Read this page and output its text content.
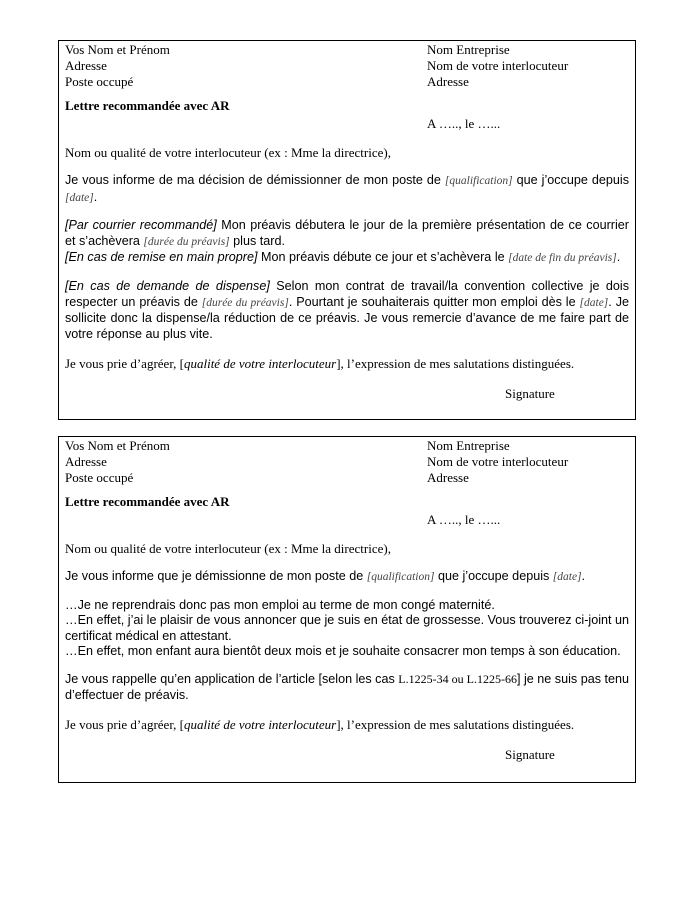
Vos Nom et Prénom
Adresse
Poste occupé
Nom Entreprise
Nom de votre interlocuteur
Adresse
Lettre recommandée avec AR
A ….., le …...
Nom ou qualité de votre interlocuteur (ex : Mme la directrice),
Je vous informe de ma décision de démissionner de mon poste de [qualification] que j’occupe depuis [date].
[Par courrier recommandé] Mon préavis débutera le jour de la première présentation de ce courrier et s’achèvera [durée du préavis] plus tard.
[En cas de remise en main propre] Mon préavis débute ce jour et s’achèvera le [date de fin du préavis].
[En cas de demande de dispense] Selon mon contrat de travail/la convention collective je dois respecter un préavis de [durée du préavis]. Pourtant je souhaiterais quitter mon emploi dès le [date]. Je sollicite donc la dispense/la réduction de ce préavis. Je vous remercie d’avance de me faire part de votre réponse au plus vite.
Je vous prie d’agréer, [qualité de votre interlocuteur], l’expression de mes salutations distinguées.
Signature
Vos Nom et Prénom
Adresse
Poste occupé
Nom Entreprise
Nom de votre interlocuteur
Adresse
Lettre recommandée avec AR
A ….., le …...
Nom ou qualité de votre interlocuteur (ex : Mme la directrice),
Je vous informe que je démissionne de mon poste de [qualification] que j’occupe depuis [date].
…Je ne reprendrais donc pas mon emploi au terme de mon congé maternité.
…En effet, j’ai le plaisir de vous annoncer que je suis en état de grossesse. Vous trouverez ci-joint un certificat médical en attestant.
…En effet, mon enfant aura bientôt deux mois et je souhaite consacrer mon temps à son éducation.
Je vous rappelle qu’en application de l’article [selon les cas L.1225-34 ou L.1225-66] je ne suis pas tenu d’effectuer de préavis.
Je vous prie d’agréer, [qualité de votre interlocuteur], l’expression de mes salutations distinguées.
Signature
